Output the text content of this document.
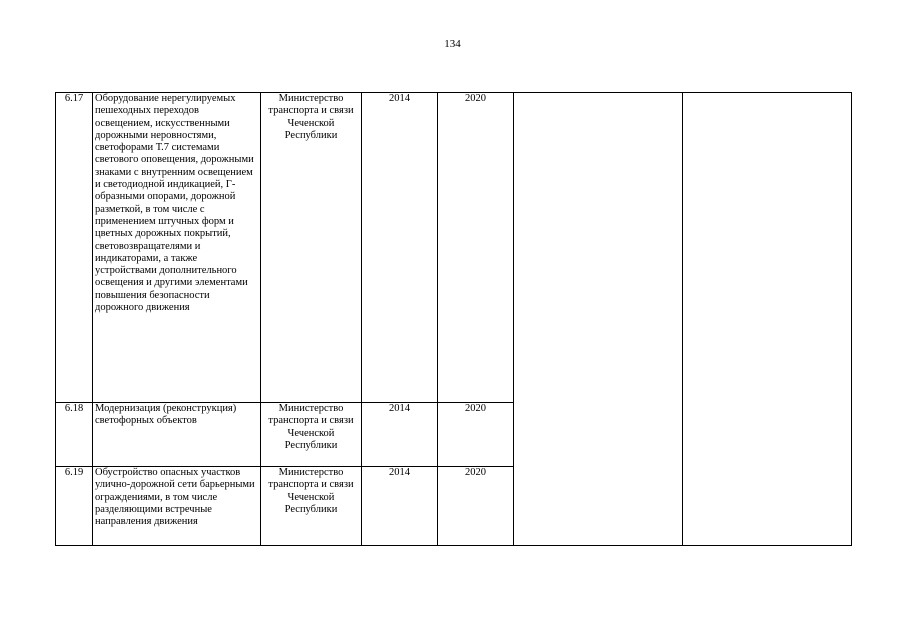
134
6.17	Оборудование нерегулируемых пешеходных переходов освещением, искусственными дорожными неровностями, светофорами Т.7 системами светового оповещения, дорожными знаками с внутренним освещением и светодиодной индикацией, Г-образными опорами, дорожной разметкой, в том числе с применением штучных форм и цветных дорожных покрытий, световозвращателями и индикаторами, а также устройствами дополнительного освещения и другими элементами повышения безопасности дорожного движения	Министерство транспорта и связи Чеченской Республики	2014	2020		
6.18	Модернизация (реконструкция) светофорных объектов	Министерство транспорта и связи Чеченской Республики	2014	2020		
6.19	Обустройство опасных участков улично-дорожной сети барьерными ограждениями, в том числе разделяющими встречные направления движения	Министерство транспорта и связи Чеченской Республики	2014	2020		
